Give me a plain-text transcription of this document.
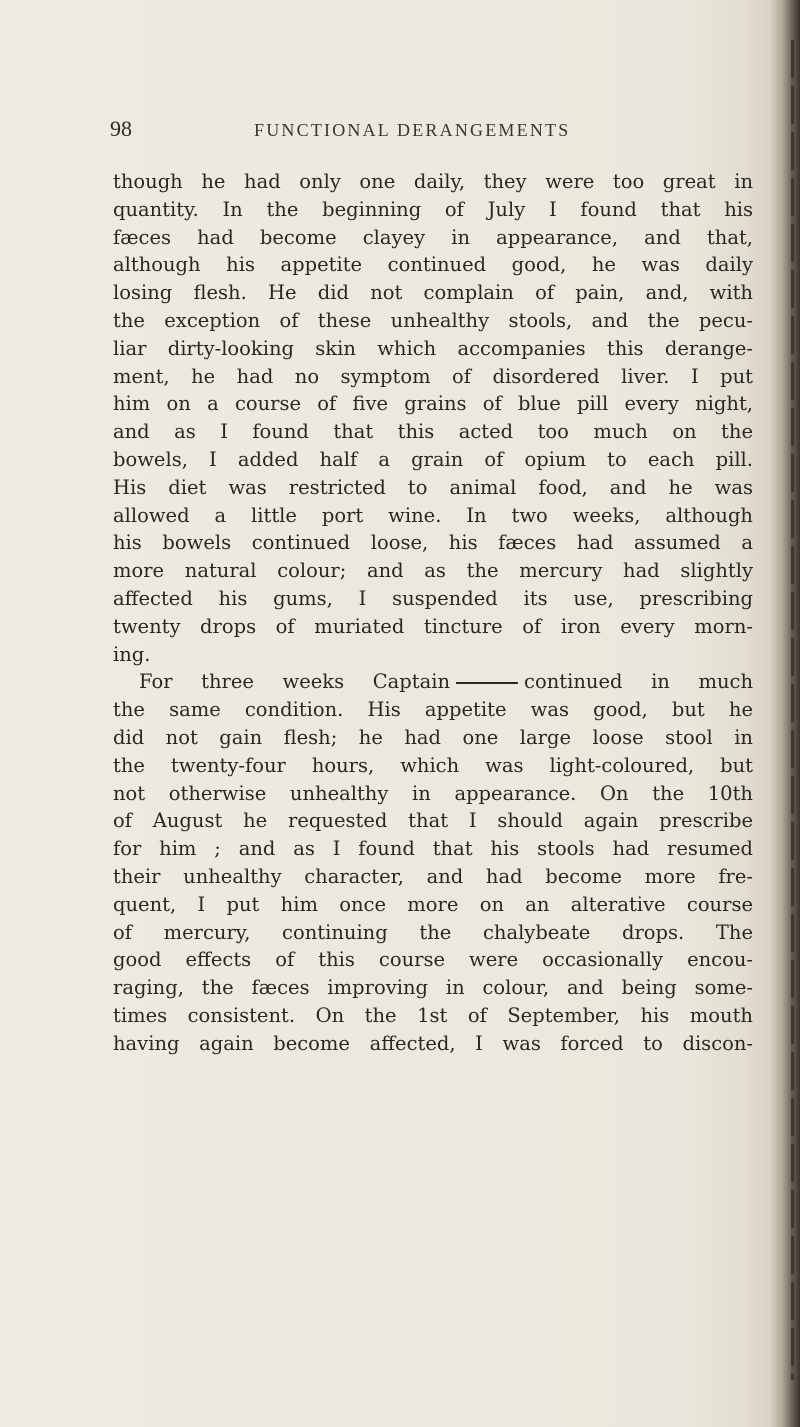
98	FUNCTIONAL DERANGEMENTS
though he had only one daily, they were too great in
quantity. In the beginning of July I found that his
fæces had become clayey in appearance, and that,
although his appetite continued good, he was daily
losing flesh. He did not complain of pain, and, with
the exception of these unhealthy stools, and the pecu-
liar dirty-looking skin which accompanies this derange-
ment, he had no symptom of disordered liver. I put
him on a course of five grains of blue pill every night,
and as I found that this acted too much on the
bowels, I added half a grain of opium to each pill.
His diet was restricted to animal food, and he was
allowed a little port wine. In two weeks, although
his bowels continued loose, his fæces had assumed a
more natural colour; and as the mercury had slightly
affected his gums, I suspended its use, prescribing
twenty drops of muriated tincture of iron every morn-
ing.
For three weeks Captain	continued in much
the same condition. His appetite was good, but he
did not gain flesh; he had one large loose stool in
the twenty-four hours, which was light-coloured, but
not otherwise unhealthy in appearance. On the 10th
of August he requested that I should again prescribe
for him ; and as I found that his stools had resumed
their unhealthy character, and had become more fre-
quent, I put him once more on an alterative course
of mercury, continuing the chalybeate drops. The
good effects of this course were occasionally encou-
raging, the fæces improving in colour, and being some-
times consistent. On the 1st of September, his mouth
having again become affected, I was forced to discon-
